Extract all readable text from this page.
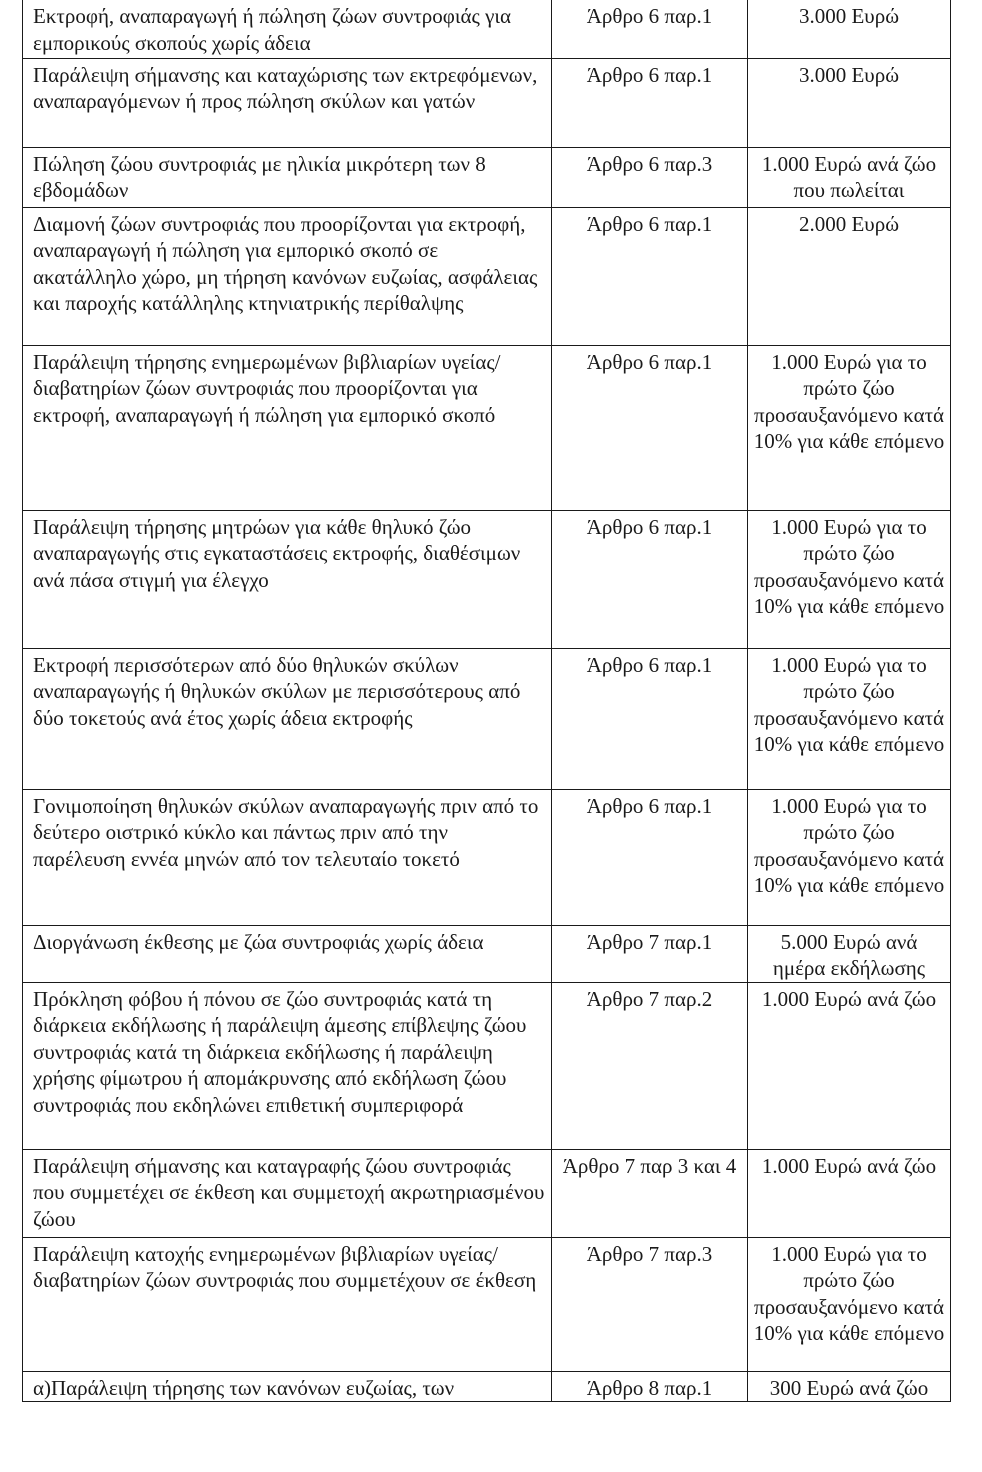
Εκτροφή, αναπαραγωγή ή πώληση ζώων συντροφιάς για εμπορικούς σκοπούς χωρίς άδεια	Άρθρο 6 παρ.1	3.000 Ευρώ
Παράλειψη σήμανσης και καταχώρισης των εκτρεφόμενων, αναπαραγόμενων ή προς πώληση σκύλων και γατών	Άρθρο 6 παρ.1	3.000 Ευρώ
Πώληση ζώου συντροφιάς με ηλικία μικρότερη των 8 εβδομάδων	Άρθρο 6 παρ.3	1.000 Ευρώ ανά ζώο που πωλείται
Διαμονή ζώων συντροφιάς που προορίζονται για εκτροφή, αναπαραγωγή ή πώληση για εμπορικό σκοπό σε ακατάλληλο χώρο, μη τήρηση κανόνων ευζωίας, ασφάλειας και παροχής κατάλληλης κτηνιατρικής περίθαλψης	Άρθρο 6 παρ.1	2.000 Ευρώ
Παράλειψη τήρησης ενημερωμένων βιβλιαρίων υγείας/διαβατηρίων ζώων συντροφιάς που προορίζονται για εκτροφή, αναπαραγωγή ή πώληση για εμπορικό σκοπό	Άρθρο 6 παρ.1	1.000 Ευρώ για το πρώτο ζώο προσαυξανόμενο κατά 10% για κάθε επόμενο
Παράλειψη τήρησης μητρώων για κάθε θηλυκό ζώο αναπαραγωγής στις εγκαταστάσεις εκτροφής, διαθέσιμων ανά πάσα στιγμή για έλεγχο	Άρθρο 6 παρ.1	1.000 Ευρώ για το πρώτο ζώο προσαυξανόμενο κατά 10% για κάθε επόμενο
Εκτροφή περισσότερων από δύο θηλυκών σκύλων αναπαραγωγής ή θηλυκών σκύλων με περισσότερους από δύο τοκετούς ανά έτος χωρίς άδεια εκτροφής	Άρθρο 6 παρ.1	1.000 Ευρώ για το πρώτο ζώο προσαυξανόμενο κατά 10% για κάθε επόμενο
Γονιμοποίηση θηλυκών σκύλων αναπαραγωγής πριν από το δεύτερο οιστρικό κύκλο και πάντως πριν από την παρέλευση εννέα μηνών από τον τελευταίο τοκετό	Άρθρο 6 παρ.1	1.000 Ευρώ για το πρώτο ζώο προσαυξανόμενο κατά 10% για κάθε επόμενο
Διοργάνωση έκθεσης με ζώα συντροφιάς χωρίς άδεια	Άρθρο 7 παρ.1	5.000 Ευρώ ανά ημέρα εκδήλωσης
Πρόκληση φόβου ή πόνου σε ζώο συντροφιάς κατά τη διάρκεια εκδήλωσης ή παράλειψη άμεσης επίβλεψης ζώου συντροφιάς κατά τη διάρκεια εκδήλωσης ή παράλειψη χρήσης φίμωτρου ή απομάκρυνσης από εκδήλωση ζώου συντροφιάς που εκδηλώνει επιθετική συμπεριφορά	Άρθρο 7 παρ.2	1.000 Ευρώ ανά ζώο
Παράλειψη σήμανσης και καταγραφής ζώου συντροφιάς που συμμετέχει σε έκθεση και συμμετοχή ακρωτηριασμένου ζώου	Άρθρο 7 παρ 3 και 4	1.000 Ευρώ ανά ζώο
Παράλειψη κατοχής ενημερωμένων βιβλιαρίων υγείας/διαβατηρίων ζώων συντροφιάς που συμμετέχουν σε έκθεση	Άρθρο 7 παρ.3	1.000 Ευρώ για το πρώτο ζώο προσαυξανόμενο κατά 10% για κάθε επόμενο
α)Παράλειψη τήρησης των κανόνων ευζωίας, των	Άρθρο 8 παρ.1	300 Ευρώ ανά ζώο
